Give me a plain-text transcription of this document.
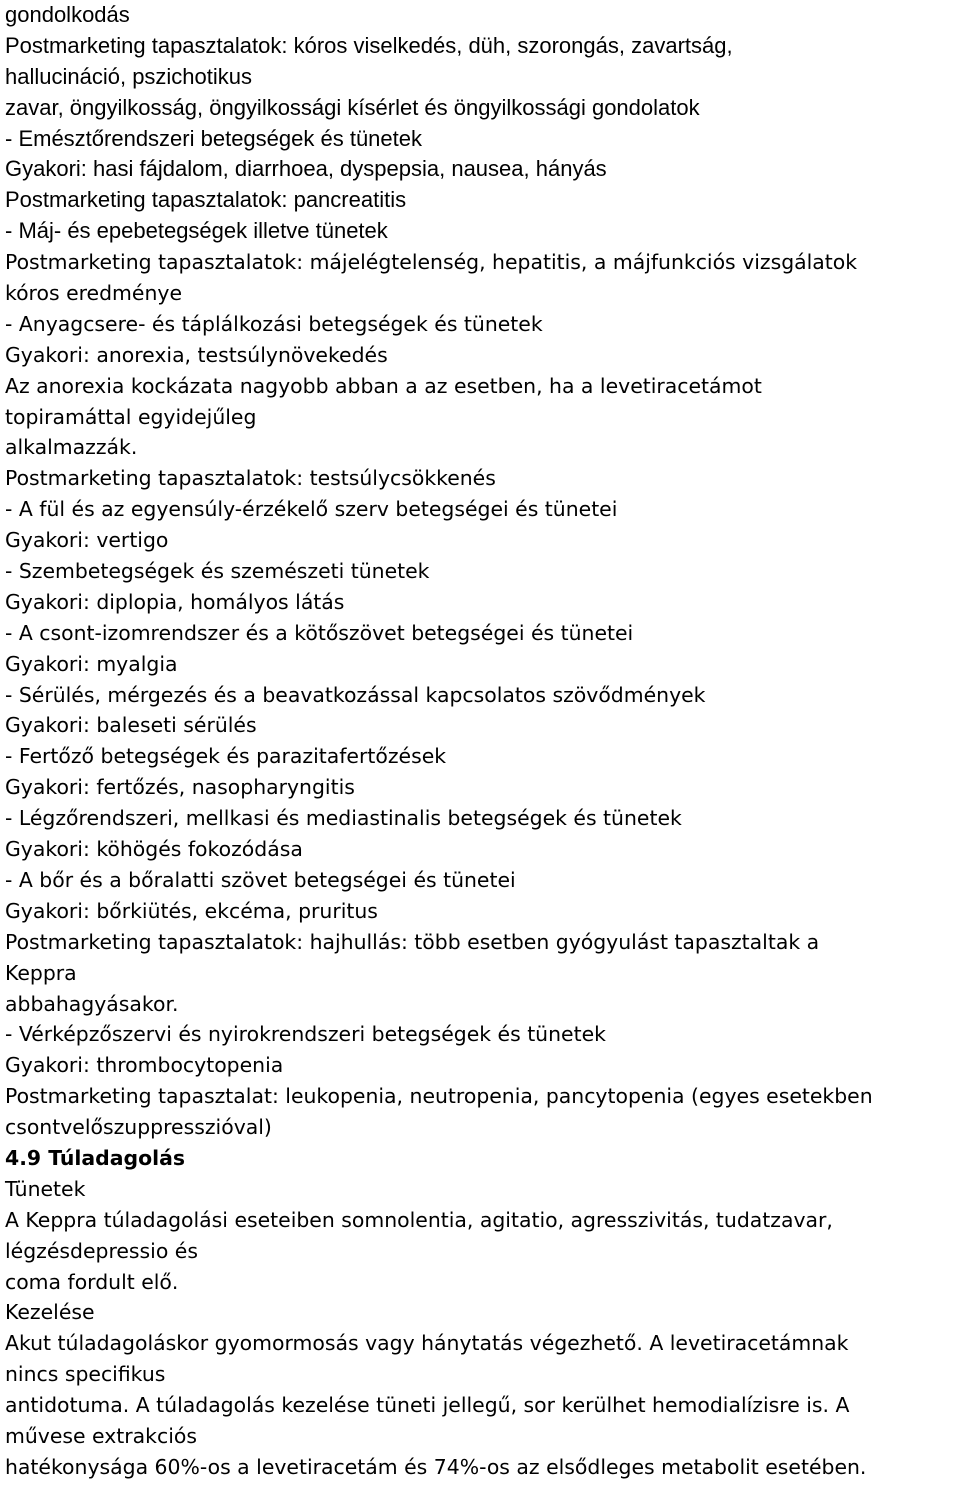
gondolkodás
Postmarketing tapasztalatok: kóros viselkedés, düh, szorongás, zavartság,
hallucináció, pszichotikus
zavar, öngyilkosság, öngyilkossági kísérlet és öngyilkossági gondolatok
- Emésztőrendszeri betegségek és tünetek
Gyakori: hasi fájdalom, diarrhoea, dyspepsia, nausea, hányás
Postmarketing tapasztalatok: pancreatitis
- Máj- és epebetegségek illetve tünetek
Postmarketing tapasztalatok: májelégtelenség, hepatitis, a májfunkciós vizsgálatok
kóros eredménye
- Anyagcsere- és táplálkozási betegségek és tünetek
Gyakori: anorexia, testsúlynövekedés
Az anorexia kockázata nagyobb abban a az esetben, ha a levetiracetámot
topiramáttal egyidejűleg
alkalmazzák.
Postmarketing tapasztalatok: testsúlycsökkenés
- A fül és az egyensúly-érzékelő szerv betegségei és tünetei
Gyakori: vertigo
- Szembetegségek és szemészeti tünetek
Gyakori: diplopia, homályos látás
- A csont-izomrendszer és a kötőszövet betegségei és tünetei
Gyakori: myalgia
- Sérülés, mérgezés és a beavatkozással kapcsolatos szövődmények
Gyakori: baleseti sérülés
- Fertőző betegségek és parazitafertőzések
Gyakori: fertőzés, nasopharyngitis
- Légzőrendszeri, mellkasi és mediastinalis betegségek és tünetek
Gyakori: köhögés fokozódása
- A bőr és a bőralatti szövet betegségei és tünetei
Gyakori: bőrkiütés, ekcéma, pruritus
Postmarketing tapasztalatok: hajhullás: több esetben gyógyulást tapasztaltak a
Keppra
abbahagyásakor.
- Vérképzőszervi és nyirokrendszeri betegségek és tünetek
Gyakori: thrombocytopenia
Postmarketing tapasztalat: leukopenia, neutropenia, pancytopenia (egyes esetekben
csontvelőszuppresszióval)
4.9 Túladagolás
Tünetek
A Keppra túladagolási eseteiben somnolentia, agitatio, agresszivitás, tudatzavar,
légzésdepressio és
coma fordult elő.
Kezelése
Akut túladagoláskor gyomormosás vagy hánytatás végezhető. A levetiracetámnak
nincs specifikus
antidotuma. A túladagolás kezelése tüneti jellegű, sor kerülhet hemodialízisre is. A
művese extrakciós
hatékonysága 60%-os a levetiracetám és 74%-os az elsődleges metabolit esetében.
